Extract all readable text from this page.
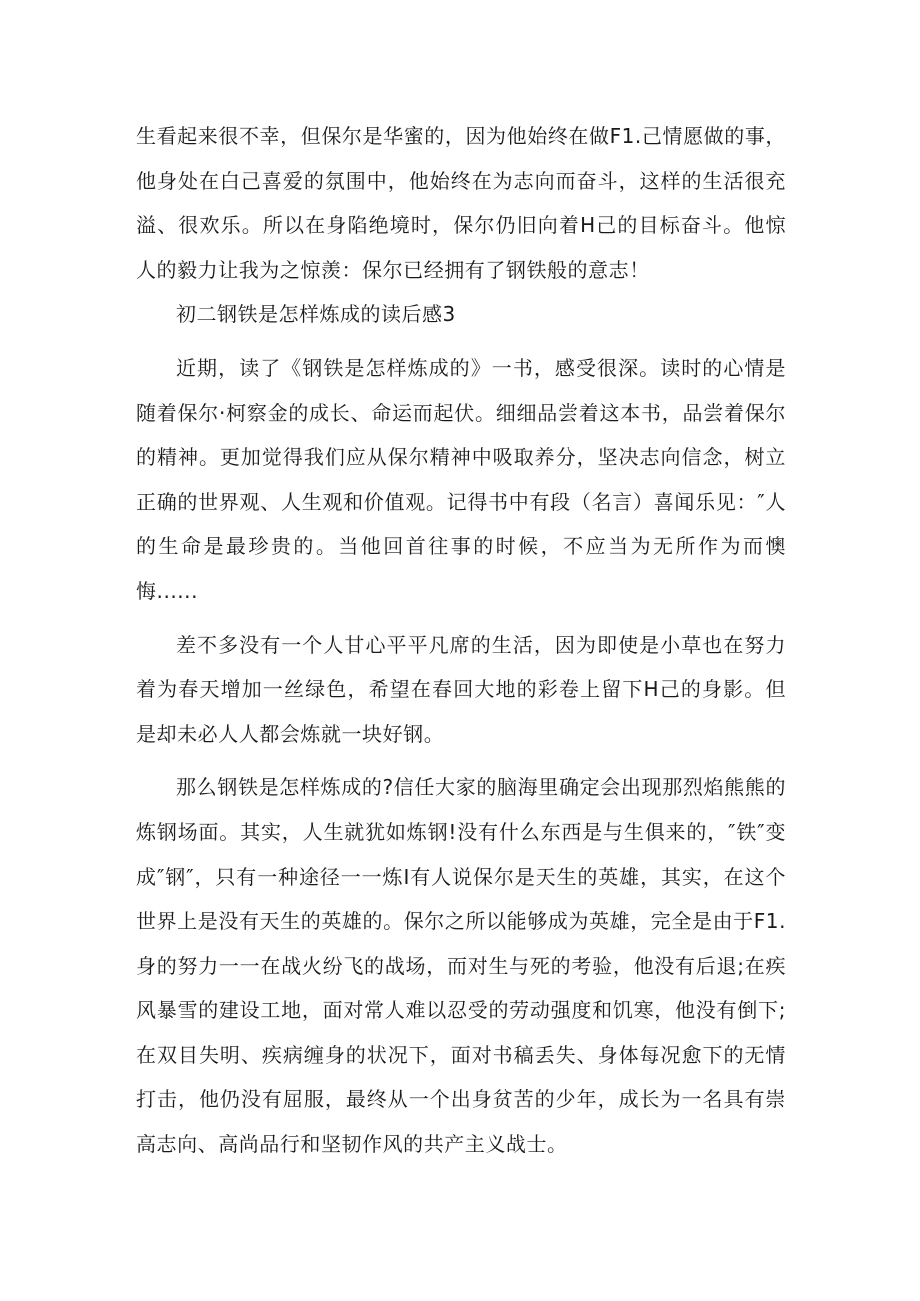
生看起来很不幸，但保尔是华蜜的，因为他始终在做F1.己情愿做的事，他身处在白己喜爱的氛围中，他始终在为志向而奋斗，这样的生活很充溢、很欢乐。所以在身陷绝境时，保尔仍旧向着H己的目标奋斗。他惊人的毅力让我为之惊羡：保尔已经拥有了钢铁般的意志！

初二钢铁是怎样炼成的读后感3

近期，读了《钢铁是怎样炼成的》一书，感受很深。读时的心情是随着保尔·柯察金的成长、命运而起伏。细细品尝着这本书，品尝着保尔的精神。更加觉得我们应从保尔精神中吸取养分，坚决志向信念，树立正确的世界观、人生观和价值观。记得书中有段（名言）喜闻乐见：″人的生命是最珍贵的。当他回首往事的时候，不应当为无所作为而懊悔......

差不多没有一个人甘心平平凡席的生活，因为即使是小草也在努力着为春天增加一丝绿色，希望在春回大地的彩卷上留下H己的身影。但是却未必人人都会炼就一块好钢。

那么钢铁是怎样炼成的?信任大家的脑海里确定会出现那烈焰熊熊的炼钢场面。其实，人生就犹如炼钢!没有什么东西是与生俱来的，″铁″变成″钢″，只有一种途径一一炼I有人说保尔是天生的英雄，其实，在这个世界上是没有天生的英雄的。保尔之所以能够成为英雄，完全是由于F1.身的努力一一在战火纷飞的战场，而对生与死的考验，他没有后退;在疾风暴雪的建设工地，面对常人难以忍受的劳动强度和饥寒，他没有倒下;在双目失明、疾病缠身的状况下，面对书稿丢失、身体每况愈下的无情打击，他仍没有屈服，最终从一个出身贫苦的少年，成长为一名具有崇高志向、高尚品行和坚韧作风的共产主义战士。
